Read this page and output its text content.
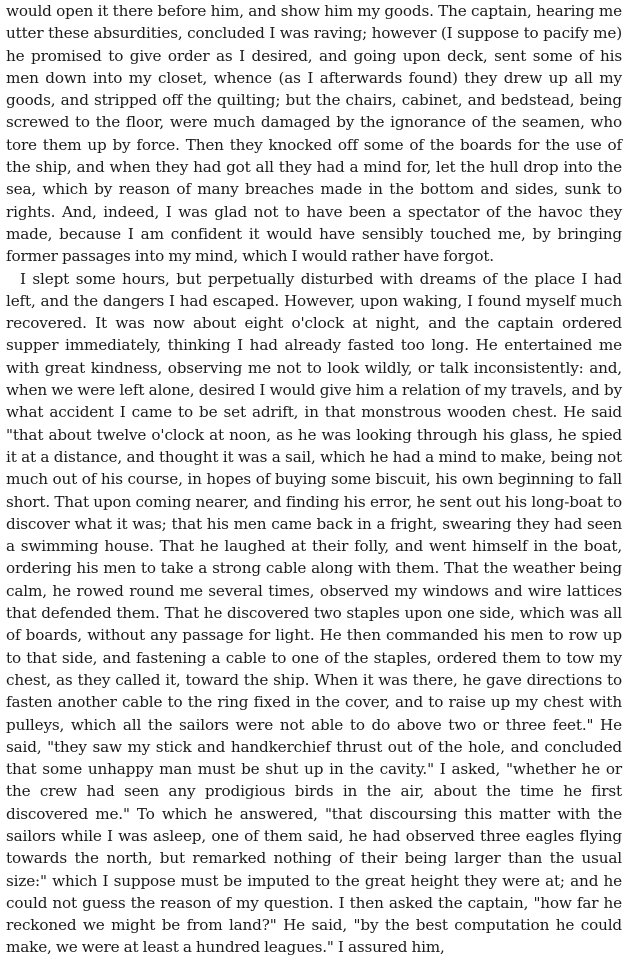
would open it there before him, and show him my goods. The captain, hearing me utter these absurdities, concluded I was raving; however (I suppose to pacify me) he promised to give order as I desired, and going upon deck, sent some of his men down into my closet, whence (as I afterwards found) they drew up all my goods, and stripped off the quilting; but the chairs, cabinet, and bedstead, being screwed to the floor, were much damaged by the ignorance of the seamen, who tore them up by force. Then they knocked off some of the boards for the use of the ship, and when they had got all they had a mind for, let the hull drop into the sea, which by reason of many breaches made in the bottom and sides, sunk to rights. And, indeed, I was glad not to have been a spectator of the havoc they made, because I am confident it would have sensibly touched me, by bringing former passages into my mind, which I would rather have forgot.

I slept some hours, but perpetually disturbed with dreams of the place I had left, and the dangers I had escaped. However, upon waking, I found myself much recovered. It was now about eight o'clock at night, and the captain ordered supper immediately, thinking I had already fasted too long. He entertained me with great kindness, observing me not to look wildly, or talk inconsistently: and, when we were left alone, desired I would give him a relation of my travels, and by what accident I came to be set adrift, in that monstrous wooden chest. He said "that about twelve o'clock at noon, as he was looking through his glass, he spied it at a distance, and thought it was a sail, which he had a mind to make, being not much out of his course, in hopes of buying some biscuit, his own beginning to fall short. That upon coming nearer, and finding his error, he sent out his long-boat to discover what it was; that his men came back in a fright, swearing they had seen a swimming house. That he laughed at their folly, and went himself in the boat, ordering his men to take a strong cable along with them. That the weather being calm, he rowed round me several times, observed my windows and wire lattices that defended them. That he discovered two staples upon one side, which was all of boards, without any passage for light. He then commanded his men to row up to that side, and fastening a cable to one of the staples, ordered them to tow my chest, as they called it, toward the ship. When it was there, he gave directions to fasten another cable to the ring fixed in the cover, and to raise up my chest with pulleys, which all the sailors were not able to do above two or three feet." He said, "they saw my stick and handkerchief thrust out of the hole, and concluded that some unhappy man must be shut up in the cavity." I asked, "whether he or the crew had seen any prodigious birds in the air, about the time he first discovered me." To which he answered, "that discoursing this matter with the sailors while I was asleep, one of them said, he had observed three eagles flying towards the north, but remarked nothing of their being larger than the usual size:" which I suppose must be imputed to the great height they were at; and he could not guess the reason of my question. I then asked the captain, "how far he reckoned we might be from land?" He said, "by the best computation he could make, we were at least a hundred leagues." I assured him,
